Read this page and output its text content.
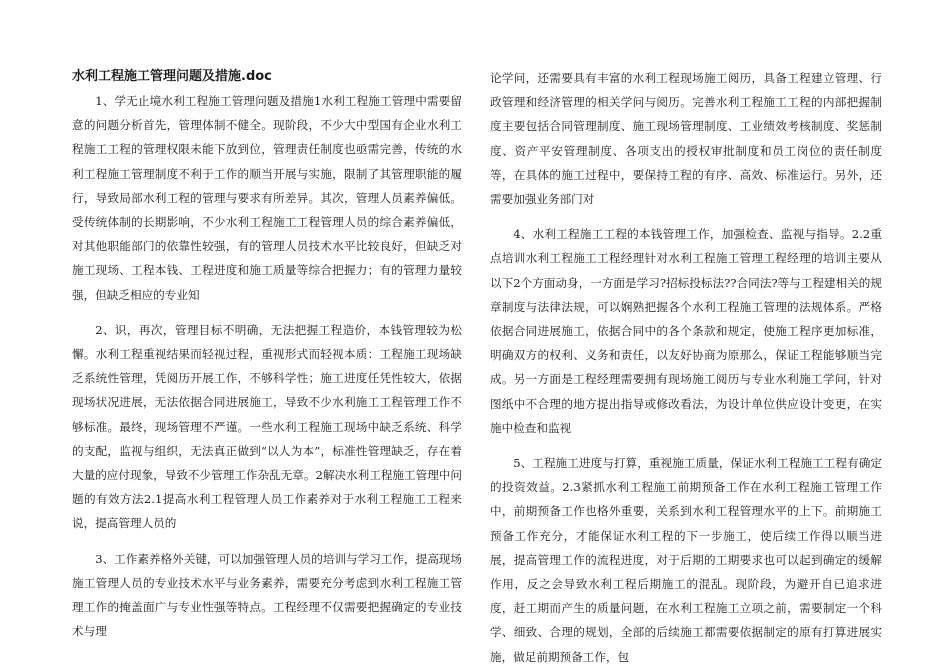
水利工程施工管理问题及措施.doc

1、学无止境水利工程施工管理问题及措施1水利工程施工管理中需要留意的问题分析首先，管理体制不健全。现阶段，不少大中型国有企业水利工程施工工程的管理权限未能下放到位，管理责任制度也亟需完善，传统的水利工程施工管理制度不利于工作的顺当开展与实施，限制了其管理职能的履行，导致局部水利工程的管理与要求有所差异。其次，管理人员素养偏低。受传统体制的长期影响，不少水利工程施工工程管理人员的综合素养偏低，对其他职能部门的依靠性较强，有的管理人员技术水平比较良好，但缺乏对施工现场、工程本钱、工程进度和施工质量等综合把握力；有的管理力量较强，但缺乏相应的专业知

2、识，再次，管理目标不明确，无法把握工程造价，本钱管理较为松懈。水利工程重视结果而轻视过程，重视形式而轻视本质：工程施工现场缺乏系统性管理，凭阅历开展工作，不够科学性；施工进度任凭性较大，依据现场状况进展，无法依据合同进展施工，导致不少水利施工工程管理工作不够标准。最终，现场管理不严谨。一些水利工程施工现场中缺乏系统、科学的支配，监视与组织，无法真正做到“以人为本”，标准性管理缺乏，存在着大量的应付现象，导致不少管理工作杂乱无章。2解决水利工程施工管理中问题的有效方法2.1提高水利工程管理人员工作素养对于水利工程施工工程来说，提高管理人员的

3、工作素养格外关键，可以加强管理人员的培训与学习工作，提高现场施工管理人员的专业技术水平与业务素养，需要充分考虑到水利工程施工管理工作的掩盖面广与专业性强等特点。工程经理不仅需要把握确定的专业技术与理

论学问，还需要具有丰富的水利工程现场施工阅历，具备工程建立管理、行政管理和经济管理的相关学问与阅历。完善水利工程施工工程的内部把握制度主要包括合同管理制度、施工现场管理制度、工业绩效考核制度、奖惩制度、资产平安管理制度、各项支出的授权审批制度和员工岗位的责任制度等，在具体的施工过程中，要保持工程的有序、高效、标准运行。另外，还需要加强业务部门对

4、水利工程施工工程的本钱管理工作，加强检查、监视与指导。2.2重点培训水利工程施工工程经理针对水利工程施工管理工程经理的培训主要从以下2个方面动身，一方面是学习?招标投标法??合同法?等与工程建相关的规章制度与法律法规，可以娴熟把握各个水利工程施工管理的法规体系。严格依据合同进展施工，依据合同中的各个条款和规定，使施工程序更加标准，明确双方的权利、义务和责任，以友好协商为原那么，保证工程能够顺当完成。另一方面是工程经理需要拥有现场施工阅历与专业水利施工学问，针对图纸中不合理的地方提出指导或修改看法，为设计单位供应设计变更，在实施中检查和监视

5、工程施工进度与打算，重视施工质量，保证水利工程施工工程有确定的投资效益。2.3紧抓水利工程施工前期预备工作在水利工程施工管理工作中，前期预备工作也格外重要，关系到水利工程管理水平的上下。前期施工预备工作充分，才能保证水利工程的下一步施工，使后续工作得以顺当进展，提高管理工作的流程进度，对于后期的工期要求也可以起到确定的缓解作用，反之会导致水利工程后期施工的混乱。现阶段，为避开自已追求进度，赶工期而产生的质量问题，在水利工程施工立项之前，需要制定一个科学、细致、合理的规划，全部的后续施工都需要依据制定的原有打算进展实施，做足前期预备工作，包
